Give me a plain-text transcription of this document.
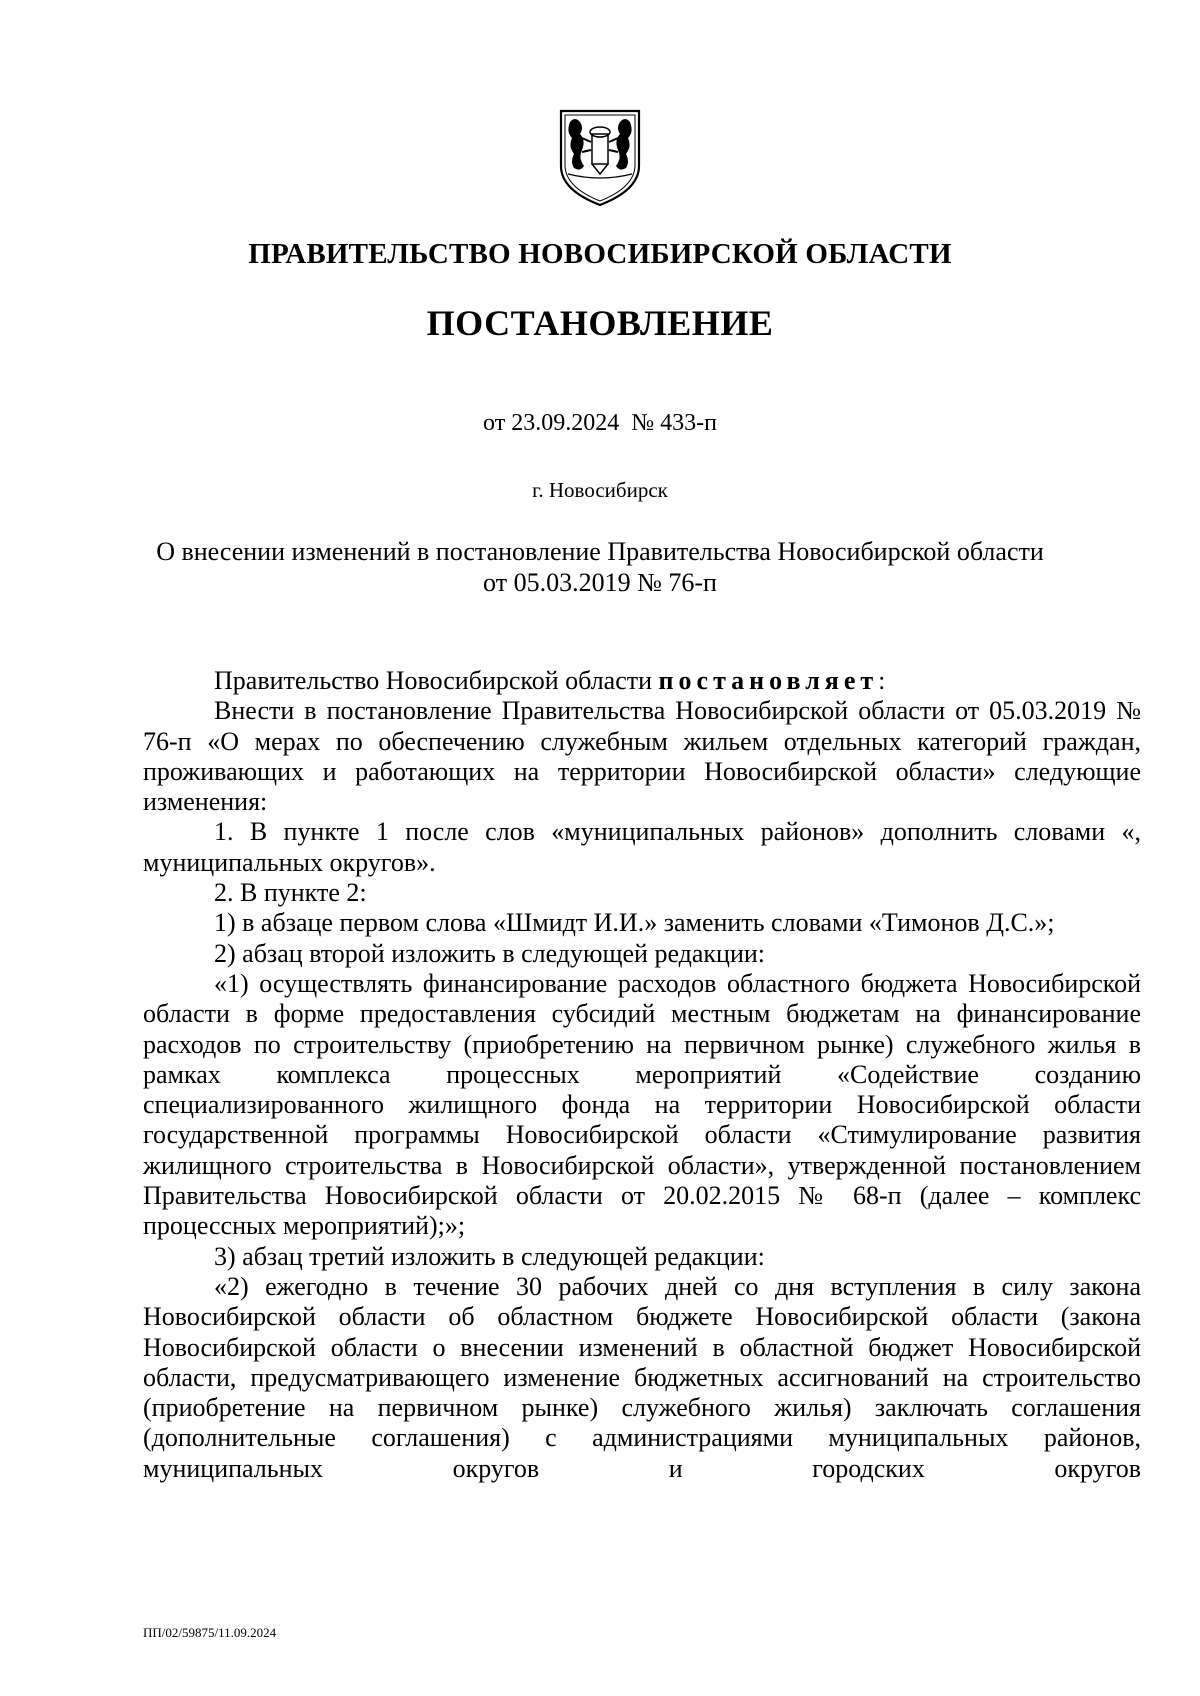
ПРАВИТЕЛЬСТВО НОВОСИБИРСКОЙ ОБЛАСТИ
ПОСТАНОВЛЕНИЕ
от 23.09.2024  № 433-п
г. Новосибирск
О внесении изменений в постановление Правительства Новосибирской области
от 05.03.2019 № 76-п

Правительство Новосибирской области постановляет:

Внести в постановление Правительства Новосибирской области от 05.03.2019 № 76-п «О мерах по обеспечению служебным жильем отдельных категорий граждан, проживающих и работающих на территории Новосибирской области» следующие изменения:

1. В пункте 1 после слов «муниципальных районов» дополнить словами «, муниципальных округов».

2. В пункте 2:

1) в абзаце первом слова «Шмидт И.И.» заменить словами «Тимонов Д.С.»;

2) абзац второй изложить в следующей редакции:

«1) осуществлять финансирование расходов областного бюджета Новосибирской области в форме предоставления субсидий местным бюджетам на финансирование расходов по строительству (приобретению на первичном рынке) служебного жилья в рамках комплекса процессных мероприятий «Содействие созданию специализированного жилищного фонда на территории Новосибирской области государственной программы Новосибирской области «Стимулирование развития жилищного строительства в Новосибирской области», утвержденной постановлением Правительства Новосибирской области от 20.02.2015 № 68-п (далее – комплекс процессных мероприятий);»;

3) абзац третий изложить в следующей редакции:

«2) ежегодно в течение 30 рабочих дней со дня вступления в силу закона Новосибирской области об областном бюджете Новосибирской области (закона Новосибирской области о внесении изменений в областной бюджет Новосибирской области, предусматривающего изменение бюджетных ассигнований на строительство (приобретение на первичном рынке) служебного жилья) заключать соглашения (дополнительные соглашения) с администрациями муниципальных районов, муниципальных округов и городских округов

ПП/02/59875/11.09.2024
